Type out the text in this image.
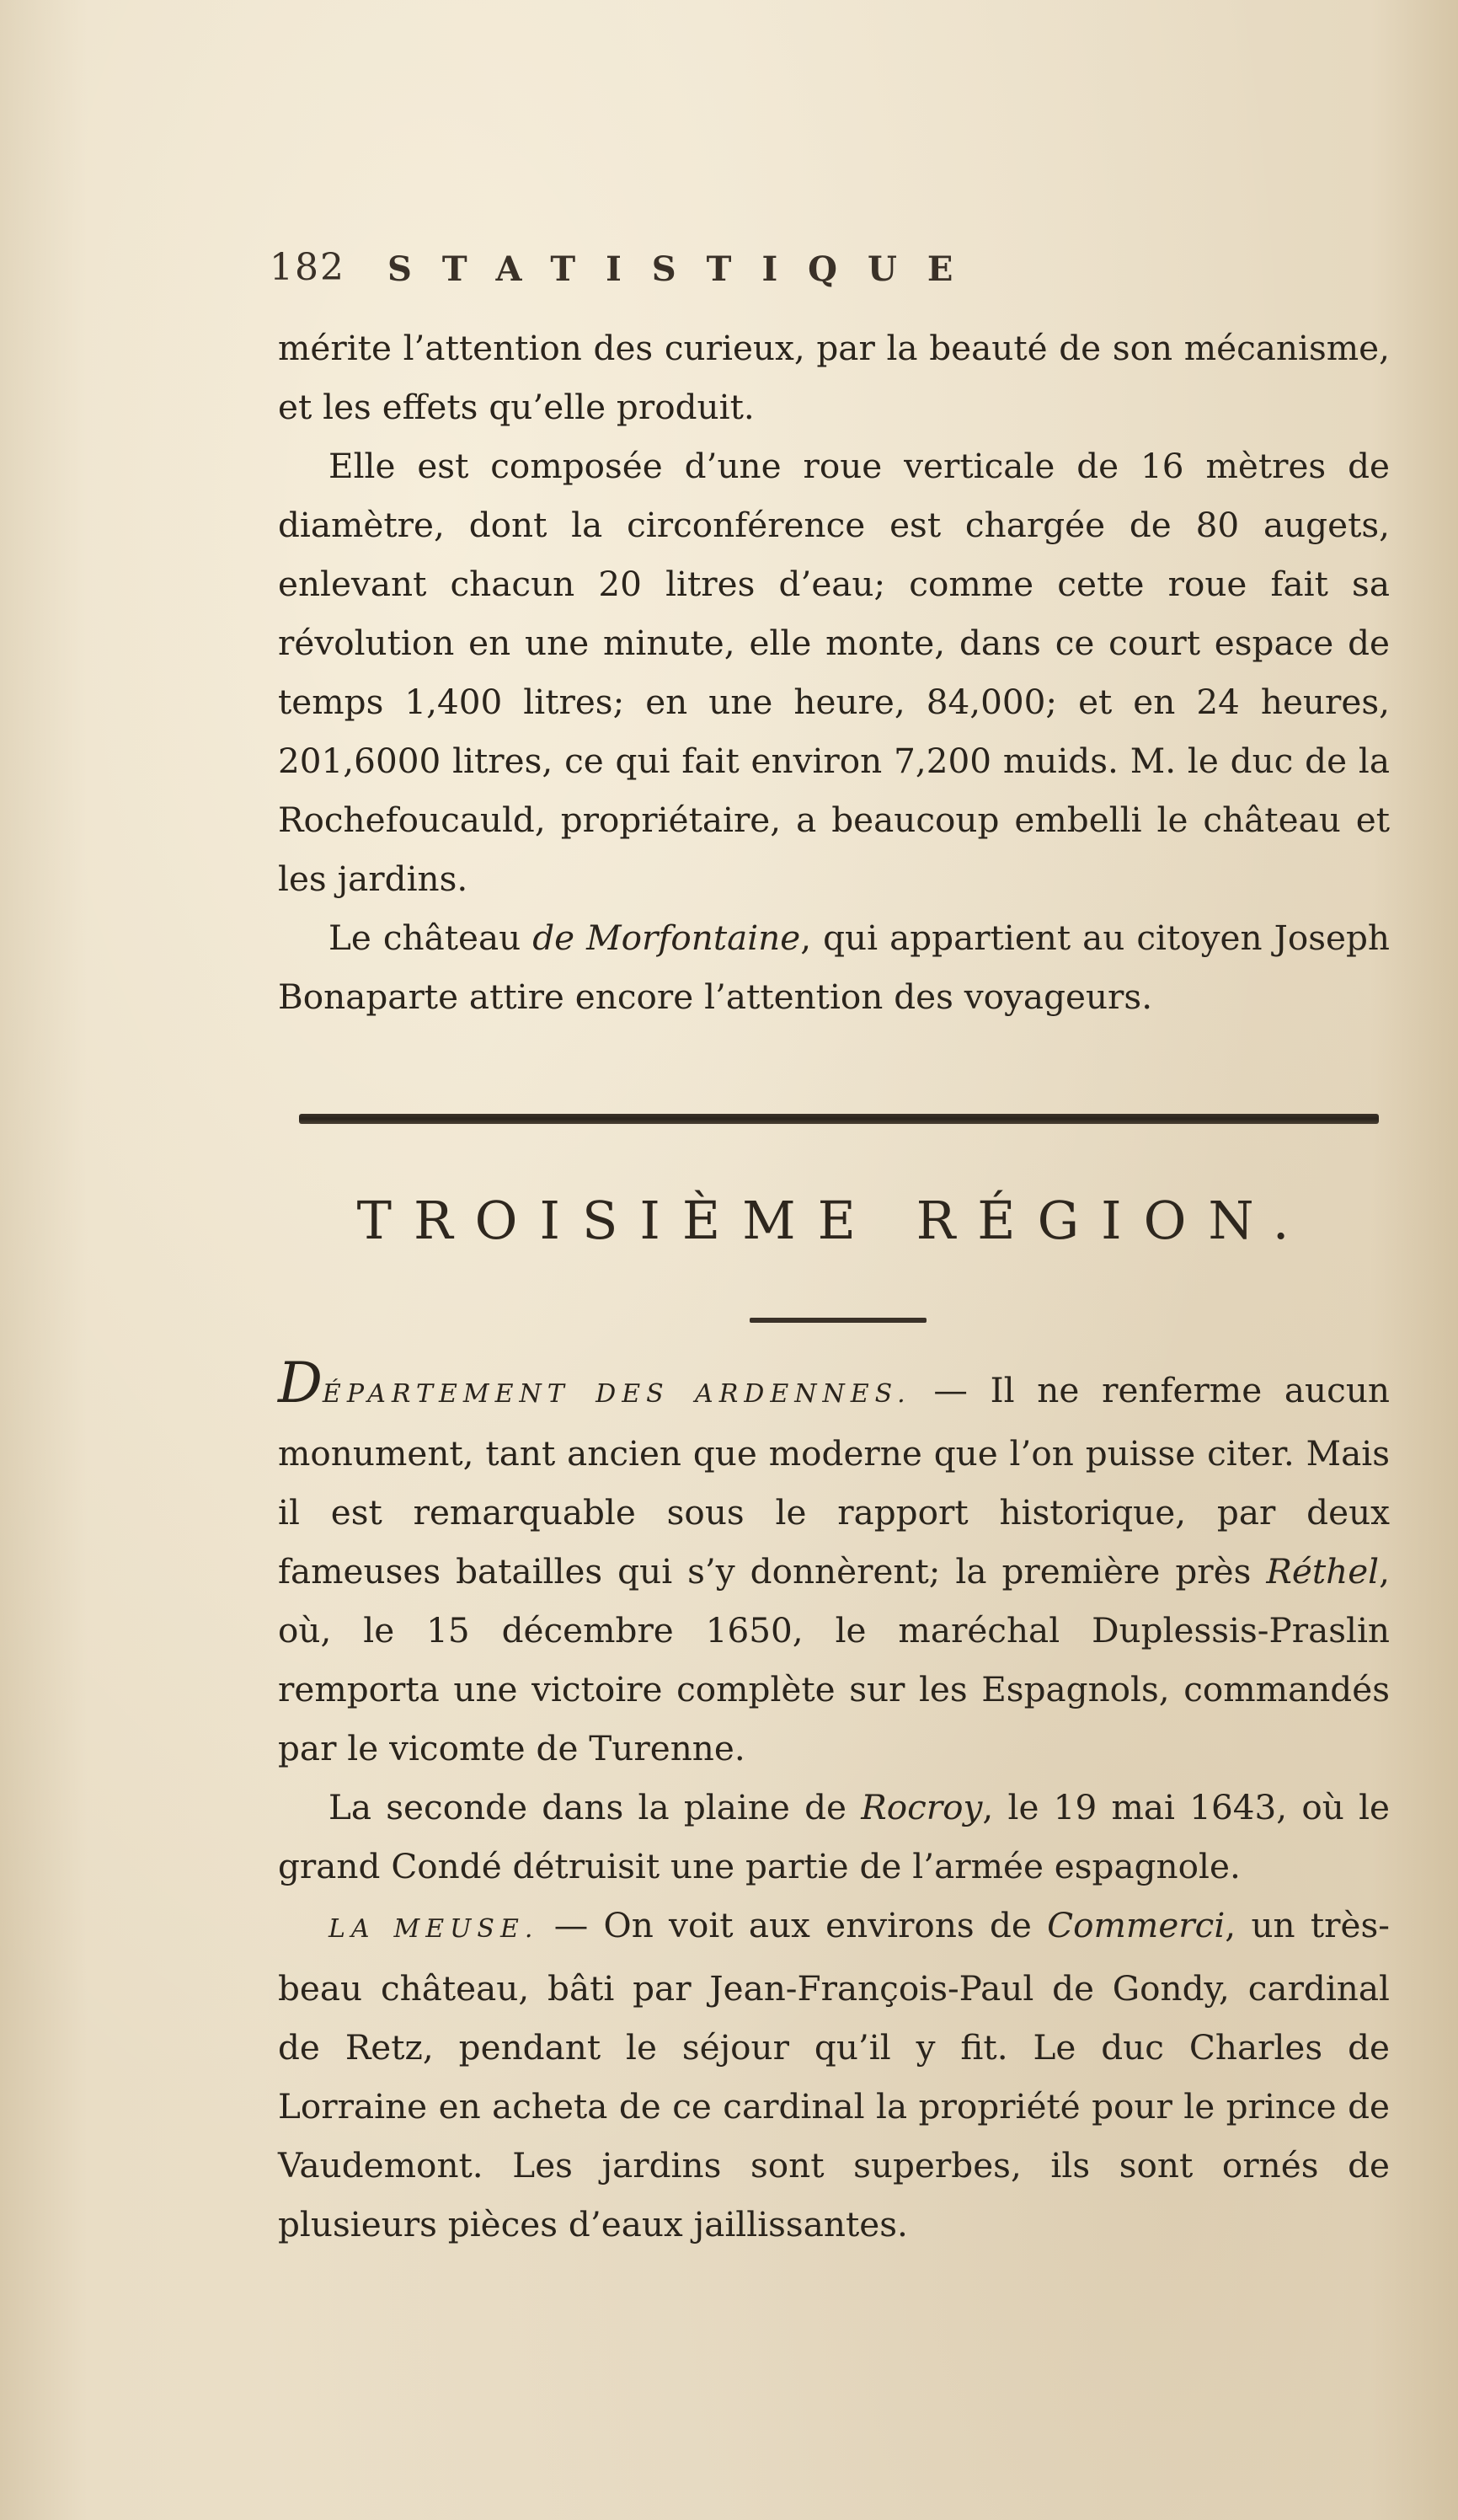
182 STATISTIQUE

mérite l’attention des curieux, par la beauté de son mécanisme, et les effets qu’elle produit.

Elle est composée d’une roue verticale de 16 mètres de diamètre, dont la circonférence est chargée de 80 augets, enlevant chacun 20 litres d’eau; comme cette roue fait sa révolution en une minute, elle monte, dans ce court espace de temps 1,400 litres; en une heure, 84,000; et en 24 heures, 201,6000 litres, ce qui fait environ 7,200 muids. M. le duc de la Rochefoucauld, propriétaire, a beaucoup embelli le château et les jardins.

Le château de Morfontaine, qui appartient au citoyen Joseph Bonaparte attire encore l’attention des voyageurs.

TROISIÈME RÉGION.

DÉPARTEMENT DES ARDENNES. — Il ne renferme aucun monument, tant ancien que moderne que l’on puisse citer. Mais il est remarquable sous le rapport historique, par deux fameuses batailles qui s’y donnèrent; la première près Réthel, où, le 15 décembre 1650, le maréchal Duplessis-Praslin remporta une victoire complète sur les Espagnols, commandés par le vicomte de Turenne.

La seconde dans la plaine de Rocroy, le 19 mai 1643, où le grand Condé détruisit une partie de l’armée espagnole.

LA MEUSE. — On voit aux environs de Commerci, un très-beau château, bâti par Jean-François-Paul de Gondy, cardinal de Retz, pendant le séjour qu’il y fit. Le duc Charles de Lorraine en acheta de ce cardinal la propriété pour le prince de Vaudemont. Les jardins sont superbes, ils sont ornés de plusieurs pièces d’eaux jaillissantes.
